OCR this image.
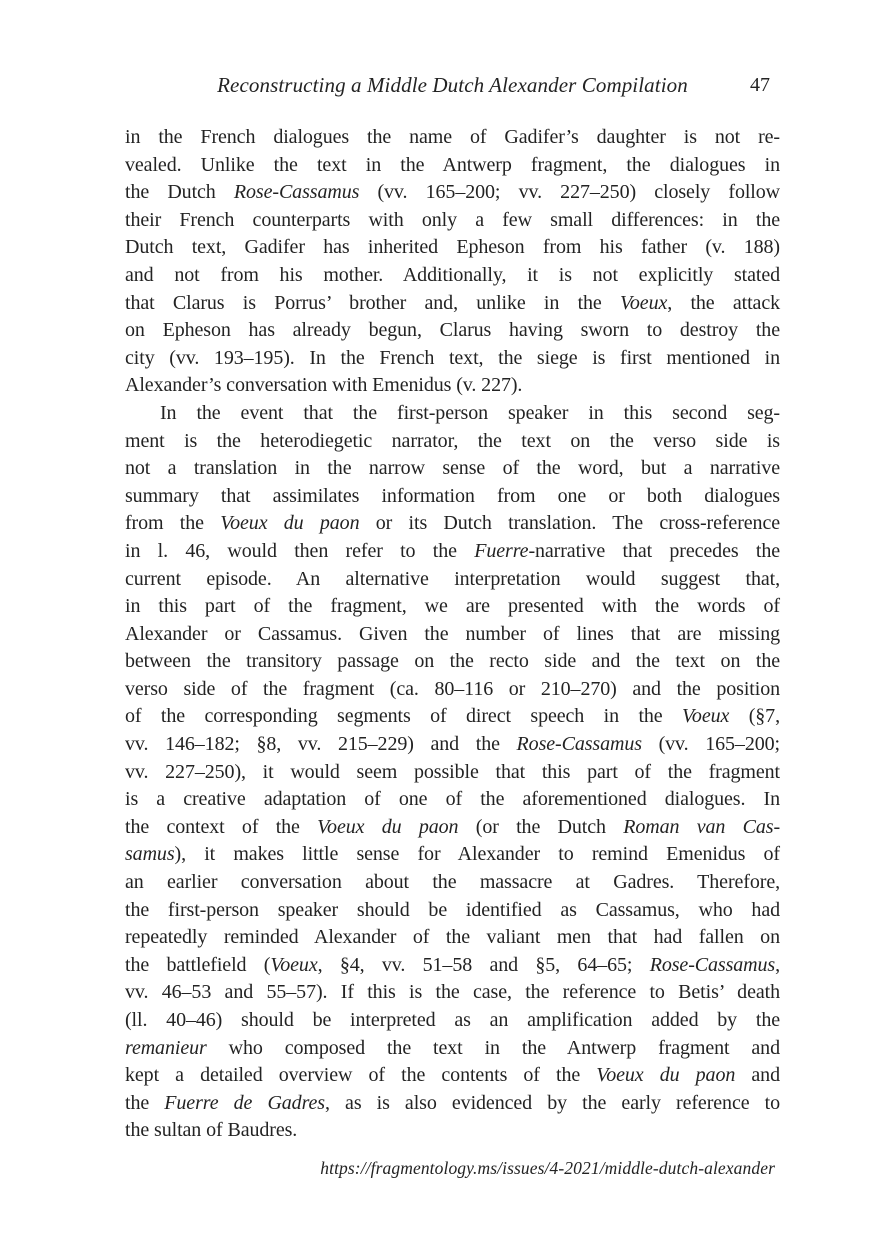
Reconstructing a Middle Dutch Alexander Compilation	47
in the French dialogues the name of Gadifer’s daughter is not re-
vealed. Unlike the text in the Antwerp fragment, the dialogues in
the Dutch Rose-Cassamus (vv. 165–200; vv. 227–250) closely follow
their French counterparts with only a few small differences: in the
Dutch text, Gadifer has inherited Epheson from his father (v. 188)
and not from his mother. Additionally, it is not explicitly stated
that Clarus is Porrus’ brother and, unlike in the Voeux, the attack
on Epheson has already begun, Clarus having sworn to destroy the
city (vv. 193–195). In the French text, the siege is first mentioned in
Alexander’s conversation with Emenidus (v. 227).
In the event that the first-person speaker in this second seg-
ment is the heterodiegetic narrator, the text on the verso side is
not a translation in the narrow sense of the word, but a narrative
summary that assimilates information from one or both dialogues
from the Voeux du paon or its Dutch translation. The cross-reference
in l. 46, would then refer to the Fuerre-narrative that precedes the
current episode. An alternative interpretation would suggest that,
in this part of the fragment, we are presented with the words of
Alexander or Cassamus. Given the number of lines that are missing
between the transitory passage on the recto side and the text on the
verso side of the fragment (ca. 80–116 or 210–270) and the position
of the corresponding segments of direct speech in the Voeux (§7,
vv. 146–182; §8, vv. 215–229) and the Rose-Cassamus (vv. 165–200;
vv. 227–250), it would seem possible that this part of the fragment
is a creative adaptation of one of the aforementioned dialogues. In
the context of the Voeux du paon (or the Dutch Roman van Cas-
samus), it makes little sense for Alexander to remind Emenidus of
an earlier conversation about the massacre at Gadres. Therefore,
the first-person speaker should be identified as Cassamus, who had
repeatedly reminded Alexander of the valiant men that had fallen on
the battlefield (Voeux, §4, vv. 51–58 and §5, 64–65; Rose-Cassamus,
vv. 46–53 and 55–57). If this is the case, the reference to Betis’ death
(ll. 40–46) should be interpreted as an amplification added by the
remanieur who composed the text in the Antwerp fragment and
kept a detailed overview of the contents of the Voeux du paon and
the Fuerre de Gadres, as is also evidenced by the early reference to
the sultan of Baudres.
https://fragmentology.ms/issues/4-2021/middle-dutch-alexander
